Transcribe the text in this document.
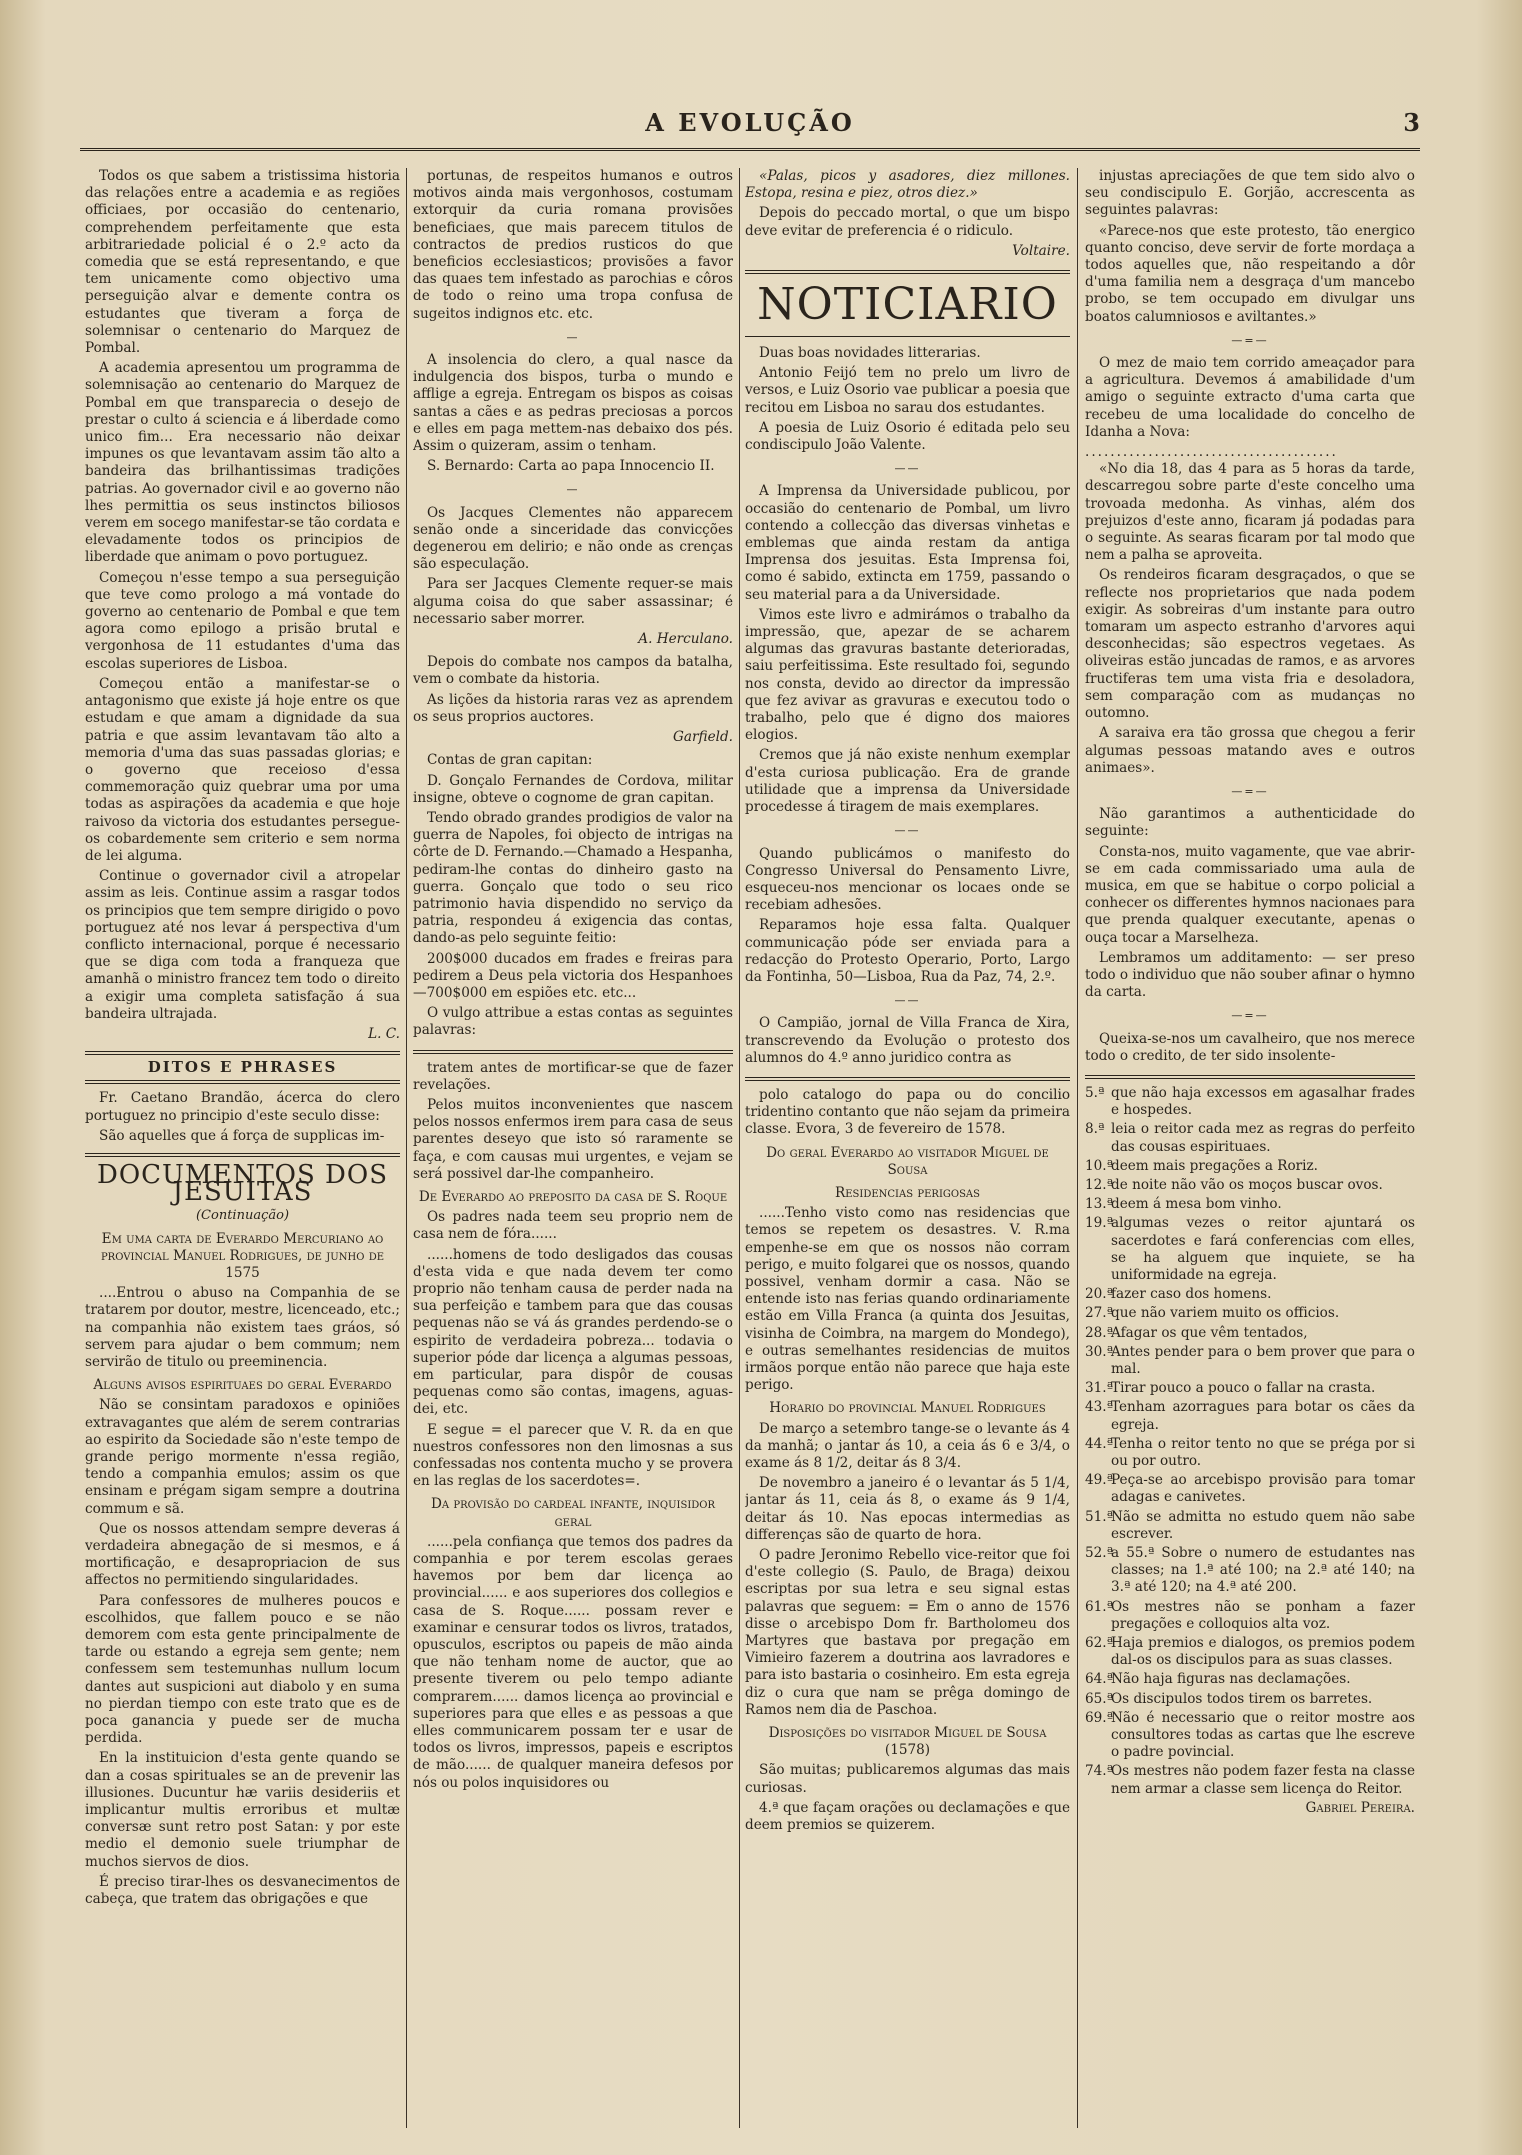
A EVOLUÇÃO	3

Todos os que sabem a tristissima historia das relações entre a academia e as regiões officiaes, por occasião do centenario, comprehendem perfeitamente que esta arbitrariedade policial é o 2.º acto da comedia que se está representando, e que tem unicamente como objectivo uma perseguição alvar e demente contra os estudantes que tiveram a força de solemnisar o centenario do Marquez de Pombal.

A academia apresentou um programma de solemnisação ao centenario do Marquez de Pombal em que transparecia o desejo de prestar o culto á sciencia e á liberdade como unico fim... Era necessario não deixar impunes os que levantavam assim tão alto a bandeira das brilhantissimas tradições patrias. Ao governador civil e ao governo não lhes permittia os seus instinctos biliosos verem em socego manifestar-se tão cordata e elevadamente todos os principios de liberdade que animam o povo portuguez.

Começou n'esse tempo a sua perseguição que teve como prologo a má vontade do governo ao centenario de Pombal e que tem agora como epilogo a prisão brutal e vergonhosa de 11 estudantes d'uma das escolas superiores de Lisboa.

Começou então a manifestar-se o antagonismo que existe já hoje entre os que estudam e que amam a dignidade da sua patria e que assim levantavam tão alto a memoria d'uma das suas passadas glorias; e o governo que receioso d'essa commemoração quiz quebrar uma por uma todas as aspirações da academia e que hoje raivoso da victoria dos estudantes persegue-os cobardemente sem criterio e sem norma de lei alguma.

Continue o governador civil a atropelar assim as leis. Continue assim a rasgar todos os principios que tem sempre dirigido o povo portuguez até nos levar á perspectiva d'um conflicto internacional, porque é necessario que se diga com toda a franqueza que amanhã o ministro francez tem todo o direito a exigir uma completa satisfação á sua bandeira ultrajada.

L. C.
DITOS E PHRASES

Fr. Caetano Brandão, ácerca do clero portuguez no principio d'este seculo disse:

São aquelles que á força de supplicas im-

DOCUMENTOS DOS JESUITAS
(Continuação)
Em uma carta de Everardo Mercuriano ao provincial Manuel Rodrigues, de junho de 1575

....Entrou o abuso na Companhia de se tratarem por doutor, mestre, licenceado, etc.; na companhia não existem taes gráos, só servem para ajudar o bem commum; nem servirão de titulo ou preeminencia.

Alguns avisos espirituaes do geral Everardo

Não se consintam paradoxos e opiniões extravagantes que além de serem contrarias ao espirito da Sociedade são n'este tempo de grande perigo mormente n'essa região, tendo a companhia emulos; assim os que ensinam e prégam sigam sempre a doutrina commum e sã.

Que os nossos attendam sempre deveras á verdadeira abnegação de si mesmos, e á mortificação, e desapropriacion de sus affectos no permitiendo singularidades.

Para confessores de mulheres poucos e escolhidos, que fallem pouco e se não demorem com esta gente principalmente de tarde ou estando a egreja sem gente; nem confessem sem testemunhas nullum locum dantes aut suspicioni aut diabolo y en suma no pierdan tiempo con este trato que es de poca ganancia y puede ser de mucha perdida.

En la instituicion d'esta gente quando se dan a cosas spirituales se an de prevenir las illusiones. Ducuntur hæ variis desideriis et implicantur multis erroribus et multæ conversæ sunt retro post Satan: y por este medio el demonio suele triumphar de muchos siervos de dios.

É preciso tirar-lhes os desvanecimentos de cabeça, que tratem das obrigações e que

portunas, de respeitos humanos e outros motivos ainda mais vergonhosos, costumam extorquir da curia romana provisões beneficiaes, que mais parecem titulos de contractos de predios rusticos do que beneficios ecclesiasticos; provisões a favor das quaes tem infestado as parochias e côros de todo o reino uma tropa confusa de sugeitos indignos etc. etc.

—

A insolencia do clero, a qual nasce da indulgencia dos bispos, turba o mundo e afflige a egreja. Entregam os bispos as coisas santas a cães e as pedras preciosas a porcos e elles em paga mettem-nas debaixo dos pés. Assim o quizeram, assim o tenham.

S. Bernardo: Carta ao papa Innocencio II.

—

Os Jacques Clementes não apparecem senão onde a sinceridade das convicções degenerou em delirio; e não onde as crenças são especulação.

Para ser Jacques Clemente requer-se mais alguma coisa do que saber assassinar; é necessario saber morrer.

A. Herculano.

Depois do combate nos campos da batalha, vem o combate da historia.

As lições da historia raras vez as aprendem os seus proprios auctores.

Garfield.

Contas de gran capitan:

D. Gonçalo Fernandes de Cordova, militar insigne, obteve o cognome de gran capitan.

Tendo obrado grandes prodigios de valor na guerra de Napoles, foi objecto de intrigas na côrte de D. Fernando.—Chamado a Hespanha, pediram-lhe contas do dinheiro gasto na guerra. Gonçalo que todo o seu rico patrimonio havia dispendido no serviço da patria, respondeu á exigencia das contas, dando-as pelo seguinte feitio:

200$000 ducados em frades e freiras para pedirem a Deus pela victoria dos Hespanhoes—700$000 em espiões etc. etc...

O vulgo attribue a estas contas as seguintes palavras:

tratem antes de mortificar-se que de fazer revelações.

Pelos muitos inconvenientes que nascem pelos nossos enfermos irem para casa de seus parentes deseyo que isto só raramente se faça, e com causas mui urgentes, e vejam se será possivel dar-lhe companheiro.

De Everardo ao preposito da casa de S. Roque

Os padres nada teem seu proprio nem de casa nem de fóra......

......homens de todo desligados das cousas d'esta vida e que nada devem ter como proprio não tenham causa de perder nada na sua perfeição e tambem para que das cousas pequenas não se vá ás grandes perdendo-se o espirito de verdadeira pobreza... todavia o superior póde dar licença a algumas pessoas, em particular, para dispôr de cousas pequenas como são contas, imagens, aguas-dei, etc.

E segue = el parecer que V. R. da en que nuestros confessores non den limosnas a sus confessadas nos contenta mucho y se provera en las reglas de los sacerdotes=.

Da provisão do cardeal infante, inquisidor geral

......pela confiança que temos dos padres da companhia e por terem escolas geraes havemos por bem dar licença ao provincial...... e aos superiores dos collegios e casa de S. Roque...... possam rever e examinar e censurar todos os livros, tratados, opusculos, escriptos ou papeis de mão ainda que não tenham nome de auctor, que ao presente tiverem ou pelo tempo adiante comprarem...... damos licença ao provincial e superiores para que elles e as pessoas a que elles communicarem possam ter e usar de todos os livros, impressos, papeis e escriptos de mão...... de qualquer maneira defesos por nós ou polos inquisidores ou

«Palas, picos y asadores, diez millones. Estopa, resina e piez, otros diez.»

Depois do peccado mortal, o que um bispo deve evitar de preferencia é o ridiculo.

Voltaire.
NOTICIARIO

Duas boas novidades litterarias.

Antonio Feijó tem no prelo um livro de versos, e Luiz Osorio vae publicar a poesia que recitou em Lisboa no sarau dos estudantes.

A poesia de Luiz Osorio é editada pelo seu condiscipulo João Valente.

——

A Imprensa da Universidade publicou, por occasião do centenario de Pombal, um livro contendo a collecção das diversas vinhetas e emblemas que ainda restam da antiga Imprensa dos jesuitas. Esta Imprensa foi, como é sabido, extincta em 1759, passando o seu material para a da Universidade.

Vimos este livro e admirámos o trabalho da impressão, que, apezar de se acharem algumas das gravuras bastante deterioradas, saiu perfeitissima. Este resultado foi, segundo nos consta, devido ao director da impressão que fez avivar as gravuras e executou todo o trabalho, pelo que é digno dos maiores elogios.

Cremos que já não existe nenhum exemplar d'esta curiosa publicação. Era de grande utilidade que a imprensa da Universidade procedesse á tiragem de mais exemplares.

——

Quando publicámos o manifesto do Congresso Universal do Pensamento Livre, esqueceu-nos mencionar os locaes onde se recebiam adhesões.

Reparamos hoje essa falta. Qualquer communicação póde ser enviada para a redacção do Protesto Operario, Porto, Largo da Fontinha, 50—Lisboa, Rua da Paz, 74, 2.º.

——

O Campião, jornal de Villa Franca de Xira, transcrevendo da Evolução o protesto dos alumnos do 4.º anno juridico contra as

polo catalogo do papa ou do concilio tridentino contanto que não sejam da primeira classe. Evora, 3 de fevereiro de 1578.

Do geral Everardo ao visitador Miguel de Sousa
Residencias perigosas

......Tenho visto como nas residencias que temos se repetem os desastres. V. R.ma empenhe-se em que os nossos não corram perigo, e muito folgarei que os nossos, quando possivel, venham dormir a casa. Não se entende isto nas ferias quando ordinariamente estão em Villa Franca (a quinta dos Jesuitas, visinha de Coimbra, na margem do Mondego), e outras semelhantes residencias de muitos irmãos porque então não parece que haja este perigo.

Horario do provincial Manuel Rodrigues

De março a setembro tange-se o levante ás 4 da manhã; o jantar ás 10, a ceia ás 6 e 3/4, o exame ás 8 1/2, deitar ás 8 3/4.

De novembro a janeiro é o levantar ás 5 1/4, jantar ás 11, ceia ás 8, o exame ás 9 1/4, deitar ás 10. Nas epocas intermedias as differenças são de quarto de hora.

O padre Jeronimo Rebello vice-reitor que foi d'este collegio (S. Paulo, de Braga) deixou escriptas por sua letra e seu signal estas palavras que seguem: = Em o anno de 1576 disse o arcebispo Dom fr. Bartholomeu dos Martyres que bastava por pregação em Vimieiro fazerem a doutrina aos lavradores e para isto bastaria o cosinheiro. Em esta egreja diz o cura que nam se prêga domingo de Ramos nem dia de Paschoa.

Disposições do visitador Miguel de Sousa (1578)

São muitas; publicaremos algumas das mais curiosas.

4.ª que façam orações ou declamações e que deem premios se quizerem.

injustas apreciações de que tem sido alvo o seu condiscipulo E. Gorjão, accrescenta as seguintes palavras:

«Parece-nos que este protesto, tão energico quanto conciso, deve servir de forte mordaça a todos aquelles que, não respeitando a dôr d'uma familia nem a desgraça d'um mancebo probo, se tem occupado em divulgar uns boatos calumniosos e aviltantes.»

—=—

O mez de maio tem corrido ameaçador para a agricultura. Devemos á amabilidade d'um amigo o seguinte extracto d'uma carta que recebeu de uma localidade do concelho de Idanha a Nova:

........................................

«No dia 18, das 4 para as 5 horas da tarde, descarregou sobre parte d'este concelho uma trovoada medonha. As vinhas, além dos prejuizos d'este anno, ficaram já podadas para o seguinte. As searas ficaram por tal modo que nem a palha se aproveita.

Os rendeiros ficaram desgraçados, o que se reflecte nos proprietarios que nada podem exigir. As sobreiras d'um instante para outro tomaram um aspecto estranho d'arvores aqui desconhecidas; são espectros vegetaes. As oliveiras estão juncadas de ramos, e as arvores fructiferas tem uma vista fria e desoladora, sem comparação com as mudanças no outomno.

A saraiva era tão grossa que chegou a ferir algumas pessoas matando aves e outros animaes».

—=—

Não garantimos a authenticidade do seguinte:

Consta-nos, muito vagamente, que vae abrir-se em cada commissariado uma aula de musica, em que se habitue o corpo policial a conhecer os differentes hymnos nacionaes para que prenda qualquer executante, apenas o ouça tocar a Marselheza.

Lembramos um additamento: — ser preso todo o individuo que não souber afinar o hymno da carta.

—=—

Queixa-se-nos um cavalheiro, que nos merece todo o credito, de ter sido insolente-

5.ª que não haja excessos em agasalhar frades e hospedes.

8.ª leia o reitor cada mez as regras do perfeito das cousas espirituaes.

10.ªdeem mais pregações a Roriz.

12.ªde noite não vão os moços buscar ovos.

13.ªdeem á mesa bom vinho.

19.ªalgumas vezes o reitor ajuntará os sacerdotes e fará conferencias com elles, se ha alguem que inquiete, se ha uniformidade na egreja.

20.ªfazer caso dos homens.

27.ªque não variem muito os officios.

28.ªAfagar os que vêm tentados,

30.ªAntes pender para o bem prover que para o mal.

31.ªTirar pouco a pouco o fallar na crasta.

43.ªTenham azorragues para botar os cães da egreja.

44.ªTenha o reitor tento no que se préga por si ou por outro.

49.ªPeça-se ao arcebispo provisão para tomar adagas e canivetes.

51.ªNão se admitta no estudo quem não sabe escrever.

52.ªa 55.ª Sobre o numero de estudantes nas classes; na 1.ª até 100; na 2.ª até 140; na 3.ª até 120; na 4.ª até 200.

61.ªOs mestres não se ponham a fazer pregações e colloquios alta voz.

62.ªHaja premios e dialogos, os premios podem dal-os os discipulos para as suas classes.

64.ªNão haja figuras nas declamações.

65.ªOs discipulos todos tirem os barretes.

69.ªNão é necessario que o reitor mostre aos consultores todas as cartas que lhe escreve o padre povincial.

74.ªOs mestres não podem fazer festa na classe nem armar a classe sem licença do Reitor.

Gabriel Pereira.
